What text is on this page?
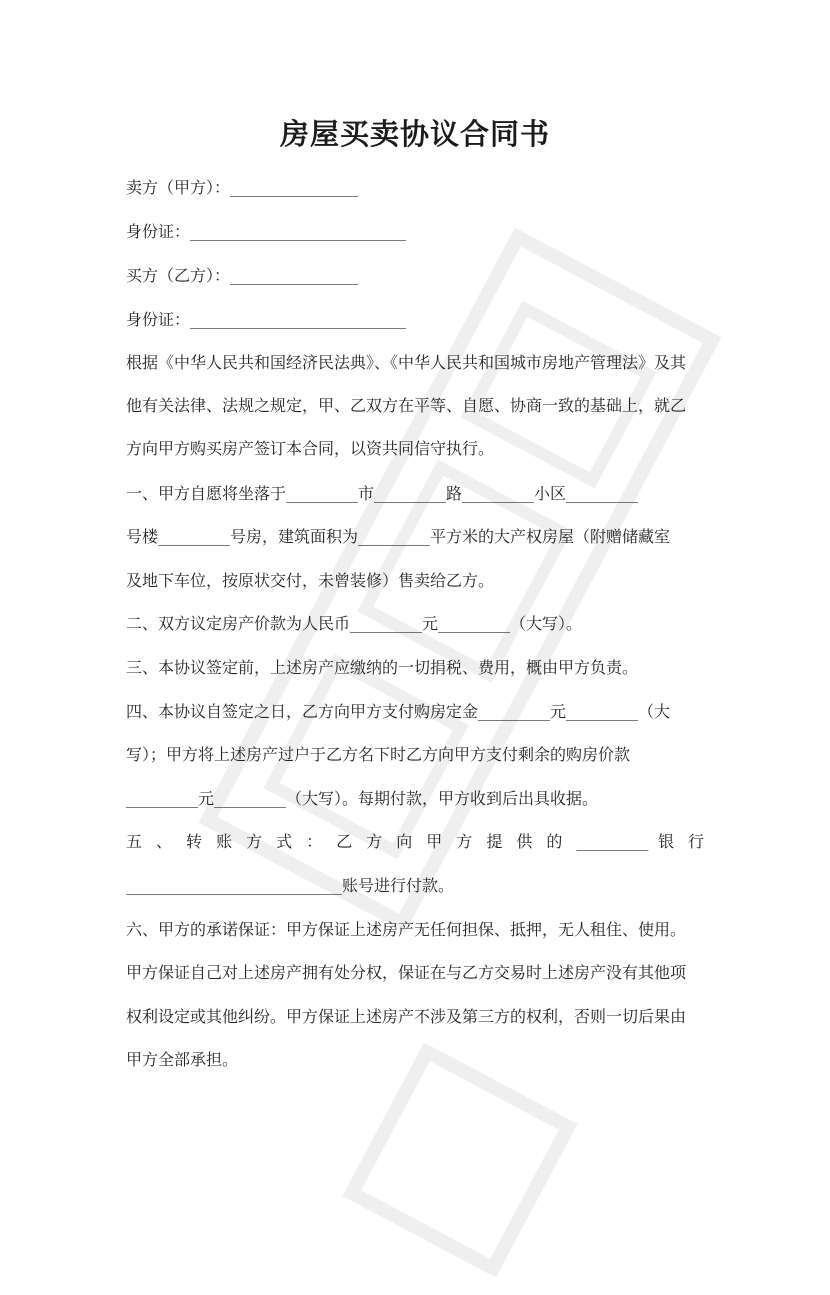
房屋买卖协议合同书

卖方（甲方）：________________

身份证：___________________________

买方（乙方）：________________

身份证：___________________________

根据《中华人民共和国经济民法典》、《中华人民共和国城市房地产管理法》及其

他有关法律、法规之规定，甲、乙双方在平等、自愿、协商一致的基础上，就乙

方向甲方购买房产签订本合同，以资共同信守执行。

一、甲方自愿将坐落于_________市_________路_________小区_________

号楼_________号房，建筑面积为_________平方米的大产权房屋（附赠储藏室

及地下车位，按原状交付，未曾装修）售卖给乙方。

二、双方议定房产价款为人民币_________元_________（大写）。

三、本协议签定前，上述房产应缴纳的一切捐税、费用，概由甲方负责。

四、本协议自签定之日，乙方向甲方支付购房定金_________元_________（大

写）；甲方将上述房产过户于乙方名下时乙方向甲方支付剩余的购房价款

_________元_________（大写）。每期付款，甲方收到后出具收据。

五 、 转 账 方 式 ： 乙 方 向 甲 方 提 供 的 _________ 银 行

___________________________账号进行付款。

六、甲方的承诺保证：甲方保证上述房产无任何担保、抵押，无人租住、使用。

甲方保证自己对上述房产拥有处分权，保证在与乙方交易时上述房产没有其他项

权利设定或其他纠纷。甲方保证上述房产不涉及第三方的权利，否则一切后果由

甲方全部承担。
